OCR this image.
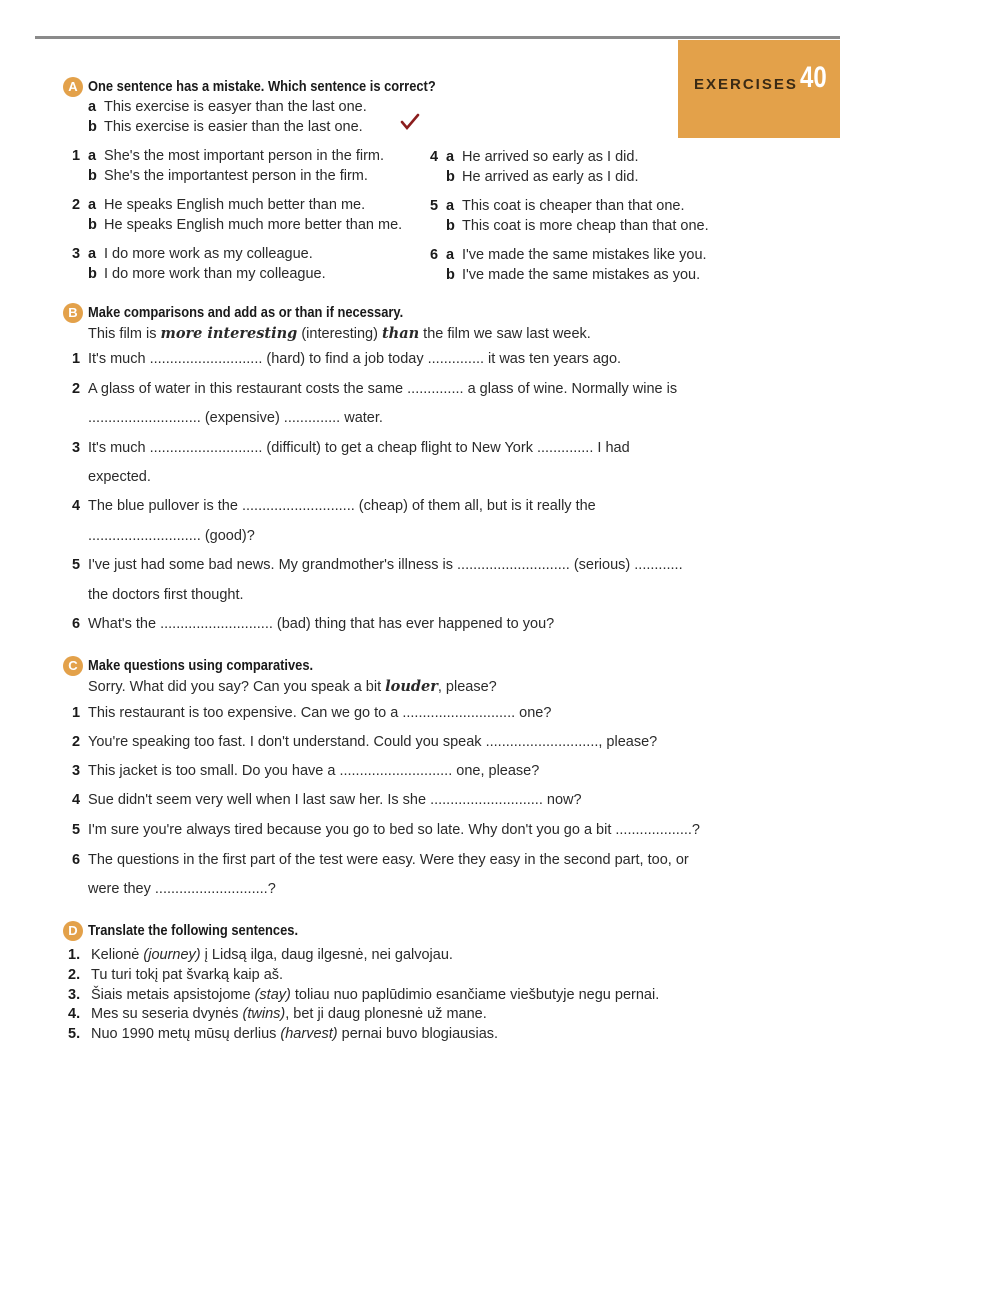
EXERCISES 40
A One sentence has a mistake. Which sentence is correct?
a This exercise is easyer than the last one.
b This exercise is easier than the last one.
1 a She's the most important person in the firm.
b She's the importantest person in the firm.
2 a He speaks English much better than me.
b He speaks English much more better than me.
3 a I do more work as my colleague.
b I do more work than my colleague.
4 a He arrived so early as I did.
b He arrived as early as I did.
5 a This coat is cheaper than that one.
b This coat is more cheap than that one.
6 a I've made the same mistakes like you.
b I've made the same mistakes as you.
B Make comparisons and add as or than if necessary.
This film is more interesting (interesting) than the film we saw last week.
1 It's much ............................ (hard) to find a job today .............. it was ten years ago.
2 A glass of water in this restaurant costs the same .............. a glass of wine. Normally wine is
............................ (expensive) .............. water.
3 It's much ............................ (difficult) to get a cheap flight to New York .............. I had
expected.
4 The blue pullover is the ............................ (cheap) of them all, but is it really the
............................ (good)?
5 I've just had some bad news. My grandmother's illness is ............................ (serious) ............
the doctors first thought.
6 What's the ............................ (bad) thing that has ever happened to you?
C Make questions using comparatives.
Sorry. What did you say? Can you speak a bit louder, please?
1 This restaurant is too expensive. Can we go to a ............................ one?
2 You're speaking too fast. I don't understand. Could you speak ............................, please?
3 This jacket is too small. Do you have a ............................ one, please?
4 Sue didn't seem very well when I last saw her. Is she ............................ now?
5 I'm sure you're always tired because you go to bed so late. Why don't you go a bit ...................?
6 The questions in the first part of the test were easy. Were they easy in the second part, too, or
were they ............................?
D Translate the following sentences.
1. Kelionė (journey) į Lidsą ilga, daug ilgesnė, nei galvojau.
2. Tu turi tokį pat švarką kaip aš.
3. Šiais metais apsistojome (stay) toliau nuo paplūdimio esančiame viešbutyje negu pernai.
4. Mes su seseria dvynės (twins), bet ji daug plonesnė už mane.
5. Nuo 1990 metų mūsų derlius (harvest) pernai buvo blogiausias.
